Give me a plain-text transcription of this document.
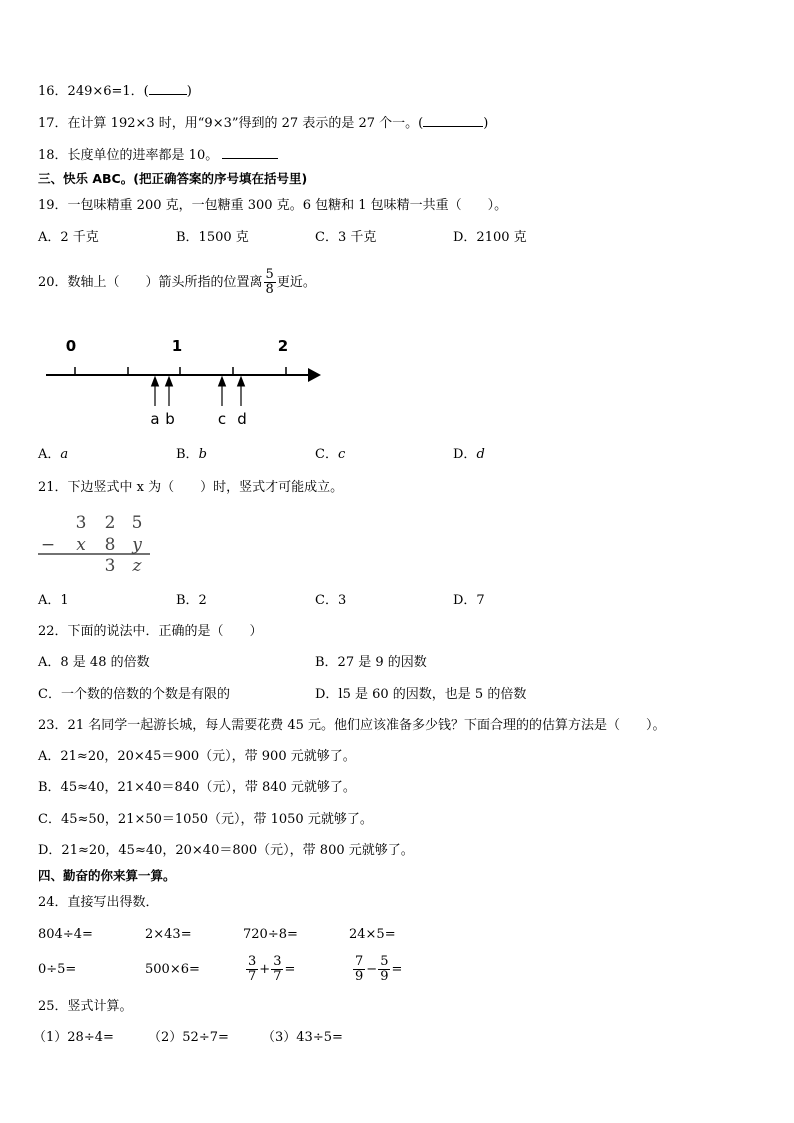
16．249×6=1．(	)
17．在计算 192×3 时，用“9×3”得到的 27 表示的是 27 个一。(	)
18．长度单位的进率都是 10。
三、快乐 ABC。(把正确答案的序号填在括号里)
19．一包味精重 200 克，一包糖重 300 克。6 包糖和 1 包味精一共重（　　）。
A．2 千克	B．1500 克	C．3 千克	D．2100 克
20．数轴上（　　）箭头所指的位置离 $\frac{5}{8}$ 更近。
0	1	2
a b	c d
A．a	B．b	C．c	D．d
21．下边竖式中 x 为（　　）时，竖式才可能成立。
3 2 5
− x 8 y
3 z
A．1	B．2	C．3	D．7
22．下面的说法中．正确的是（　　）
A．8 是 48 的倍数	B．27 是 9 的因数
C．一个数的倍数的个数是有限的	D．l5 是 60 的因数，也是 5 的倍数
23．21 名同学一起游长城，每人需要花费 45 元。他们应该准备多少钱？下面合理的的估算方法是（　　）。
A．21≈20，20×45＝900（元），带 900 元就够了。
B．45≈40，21×40＝840（元），带 840 元就够了。
C．45≈50，21×50＝1050（元），带 1050 元就够了。
D．21≈20，45≈40，20×40＝800（元），带 800 元就够了。
四、勤奋的你来算一算。
24．直接写出得数．
804÷4=	2×43=	720÷8=	24×5=
0÷5=	500×6=	$\frac{3}{7} + \frac{3}{7}$ =	$\frac{7}{9} - \frac{5}{9}$ =
25．竖式计算。
（1）28÷4=	（2）52÷7=	（3）43÷5=
